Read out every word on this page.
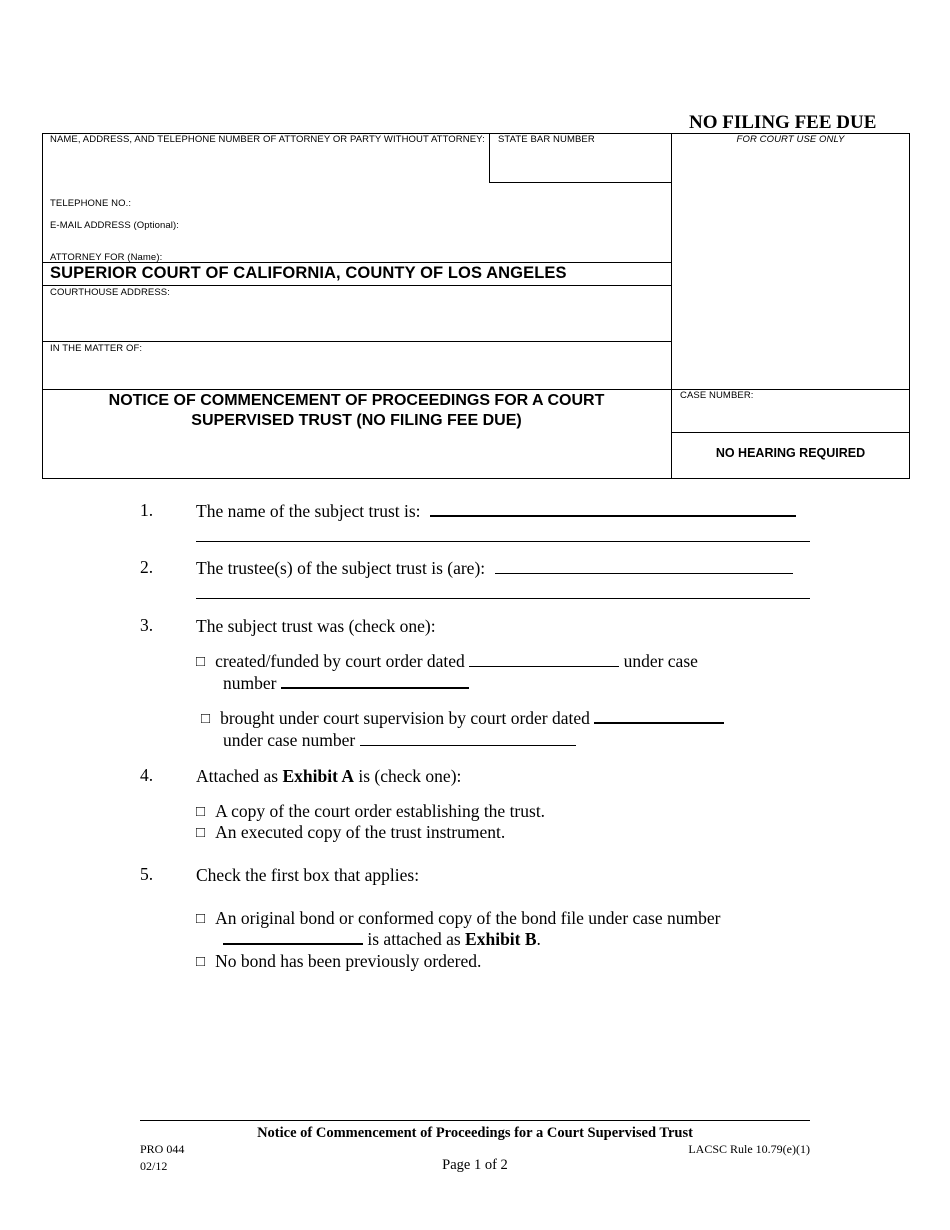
NO FILING FEE DUE
NAME, ADDRESS, AND TELEPHONE NUMBER OF ATTORNEY OR PARTY WITHOUT ATTORNEY: STATE BAR NUMBER	FOR COURT USE ONLY
TELEPHONE NO.:
E-MAIL ADDRESS (Optional):
ATTORNEY FOR (Name):
SUPERIOR COURT OF CALIFORNIA, COUNTY OF LOS ANGELES
COURTHOUSE ADDRESS:
IN THE MATTER OF:
NOTICE OF COMMENCEMENT OF PROCEEDINGS FOR A COURT
SUPERVISED TRUST (NO FILING FEE DUE)
CASE NUMBER:
NO HEARING REQUIRED
1. The name of the subject trust is:
2. The trustee(s) of the subject trust is (are):
3. The subject trust was (check one):
□ created/funded by court order dated	under case
number
□ brought under court supervision by court order dated
under case number
4. Attached as Exhibit A is (check one):
□ A copy of the court order establishing the trust.
□ An executed copy of the trust instrument.
5. Check the first box that applies:
□ An original bond or conformed copy of the bond file under case number
is attached as Exhibit B.
□ No bond has been previously ordered.
Notice of Commencement of Proceedings for a Court Supervised Trust
PRO 044	LACSC Rule 10.79(e)(1)
02/12	Page 1 of 2
